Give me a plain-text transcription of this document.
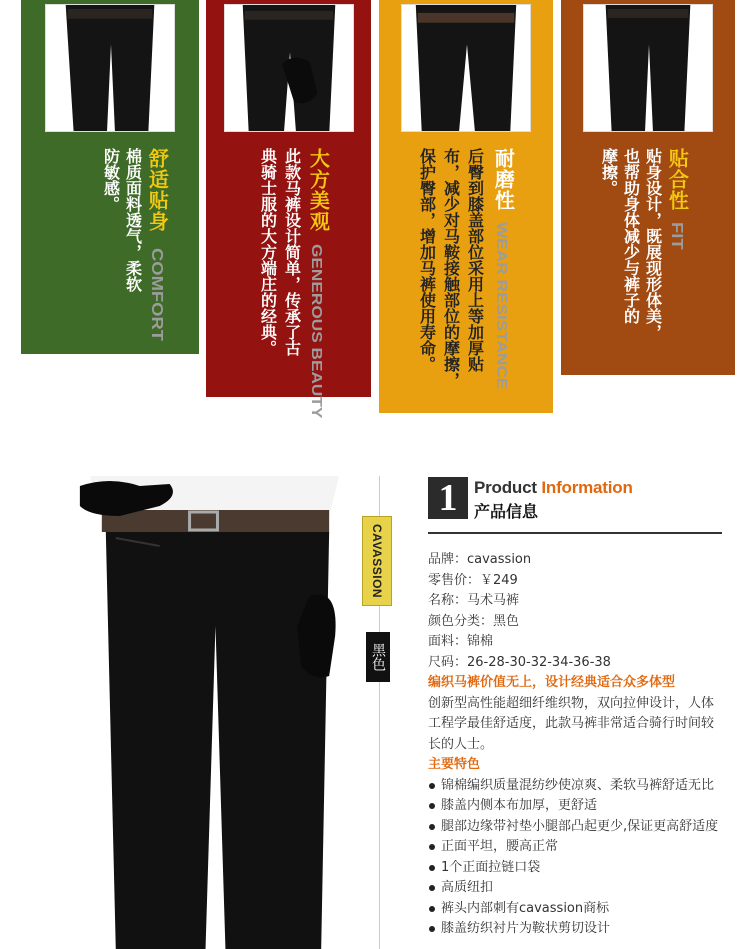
舒适贴身
COMFORT
棉质面料透气，柔软
防敏感。	大方美观
GENEROUS BEAUTY
此款马裤设计简单，传承了古
典骑士服的大方端庄的经典。	耐磨性
WEAR RESISTANCE
后臀到膝盖部位采用上等加厚贴
布，减少对马鞍接触部位的摩擦，
保护臀部，增加马裤使用寿命。	贴合性
FIT
贴身设计，既展现形体美，
也帮助身体减少与裤子的
摩擦。
CAVASSION
黑色
1 Product Information
产品信息
品牌：cavassion
零售价：￥249
名称：马术马裤
颜色分类：黑色
面料：锦棉
尺码：26-28-30-32-34-36-38
编织马裤价值无上，设计经典适合众多体型
创新型高性能超细纤维织物，双向拉伸设计，人体
工程学最佳舒适度，此款马裤非常适合骑行时间较
长的人士。
主要特色
锦棉编织质量混纺纱使凉爽、柔软马裤舒适无比
膝盖内侧本布加厚，更舒适
腿部边缘带衬垫小腿部凸起更少,保证更高舒适度
正面平坦，腰高正常
1个正面拉链口袋
高质纽扣
裤头内部刺有cavassion商标
膝盖纺织衬片为鞍状剪切设计
